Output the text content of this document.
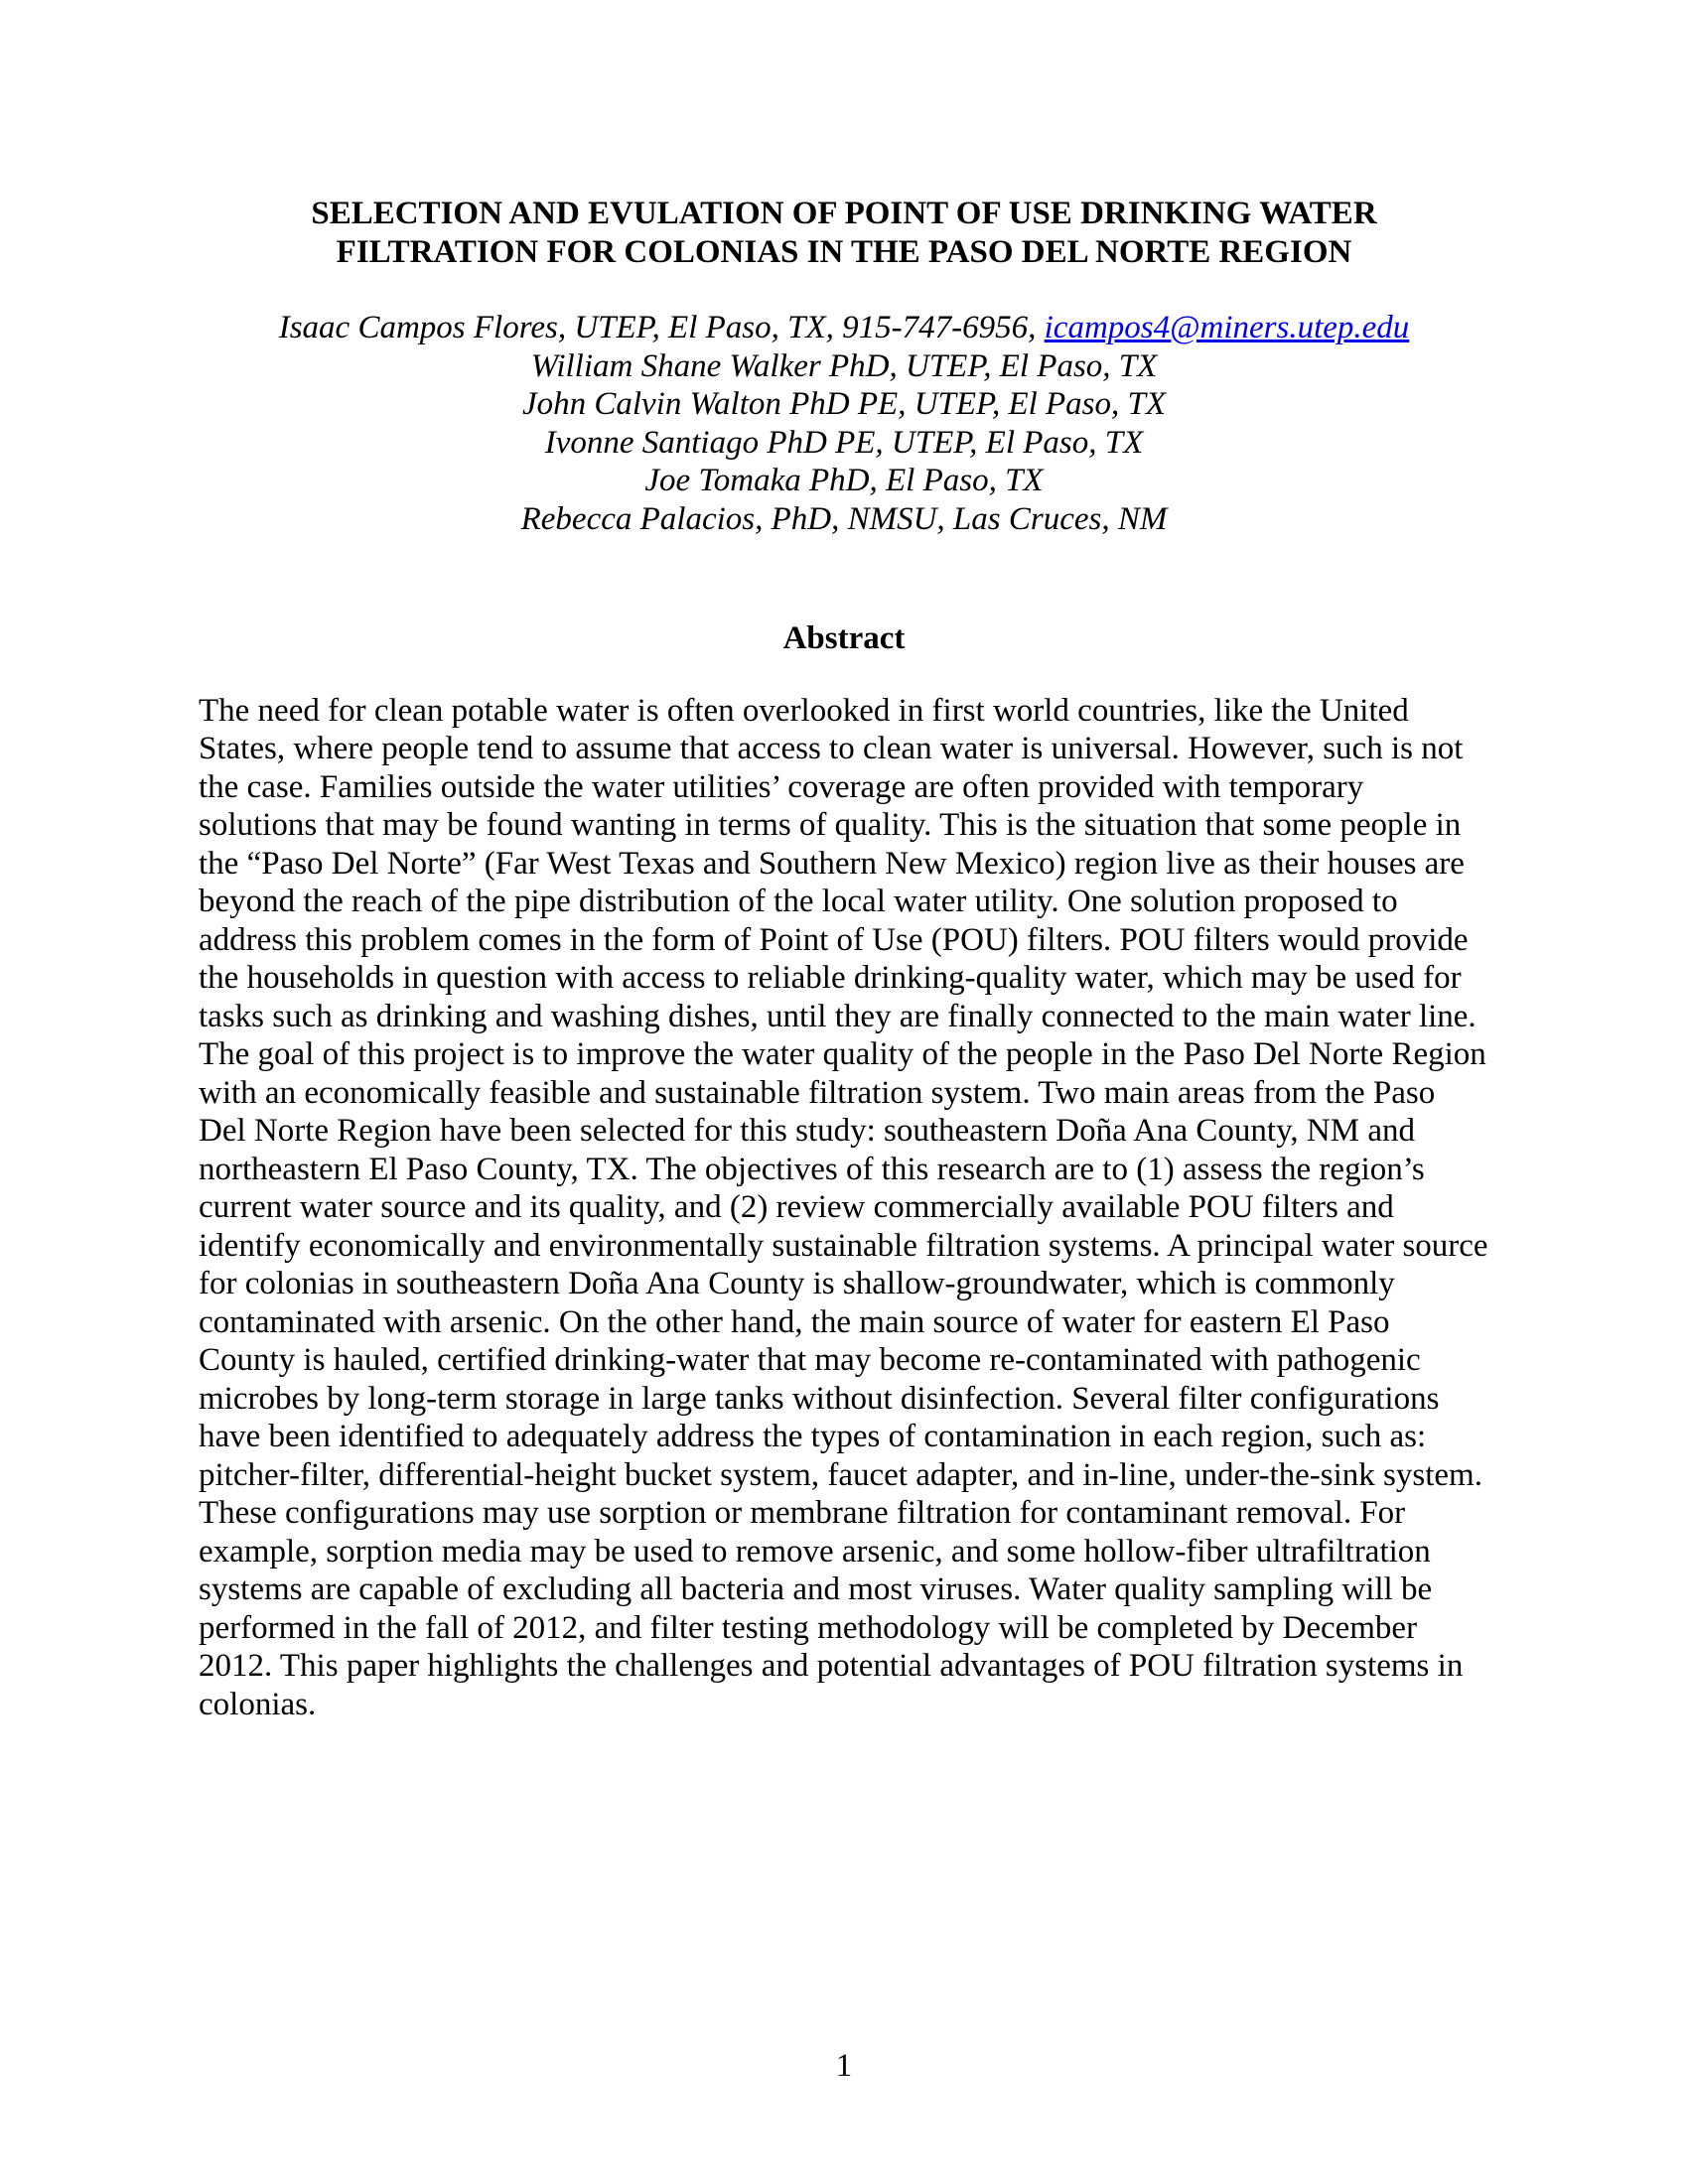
SELECTION AND EVULATION OF POINT OF USE DRINKING WATER
FILTRATION FOR COLONIAS IN THE PASO DEL NORTE REGION

Isaac Campos Flores, UTEP, El Paso, TX, 915-747-6956, icampos4@miners.utep.edu

William Shane Walker PhD, UTEP, El Paso, TX

John Calvin Walton PhD PE, UTEP, El Paso, TX

Ivonne Santiago PhD PE, UTEP, El Paso, TX

Joe Tomaka PhD, El Paso, TX

Rebecca Palacios, PhD, NMSU, Las Cruces, NM

Abstract

The need for clean potable water is often overlooked in first world countries, like the United States, where people tend to assume that access to clean water is universal. However, such is not the case. Families outside the water utilities’ coverage are often provided with temporary solutions that may be found wanting in terms of quality. This is the situation that some people in the “Paso Del Norte” (Far West Texas and Southern New Mexico) region live as their houses are beyond the reach of the pipe distribution of the local water utility. One solution proposed to address this problem comes in the form of Point of Use (POU) filters. POU filters would provide the households in question with access to reliable drinking-quality water, which may be used for tasks such as drinking and washing dishes, until they are finally connected to the main water line. The goal of this project is to improve the water quality of the people in the Paso Del Norte Region with an economically feasible and sustainable filtration system. Two main areas from the Paso Del Norte Region have been selected for this study: southeastern Doña Ana County, NM and northeastern El Paso County, TX. The objectives of this research are to (1) assess the region’s current water source and its quality, and (2) review commercially available POU filters and identify economically and environmentally sustainable filtration systems. A principal water source for colonias in southeastern Doña Ana County is shallow-groundwater, which is commonly contaminated with arsenic. On the other hand, the main source of water for eastern El Paso County is hauled, certified drinking-water that may become re-contaminated with pathogenic microbes by long-term storage in large tanks without disinfection. Several filter configurations have been identified to adequately address the types of contamination in each region, such as: pitcher-filter, differential-height bucket system, faucet adapter, and in-line, under-the-sink system. These configurations may use sorption or membrane filtration for contaminant removal. For example, sorption media may be used to remove arsenic, and some hollow-fiber ultrafiltration systems are capable of excluding all bacteria and most viruses. Water quality sampling will be performed in the fall of 2012, and filter testing methodology will be completed by December 2012. This paper highlights the challenges and potential advantages of POU filtration systems in colonias.

1
